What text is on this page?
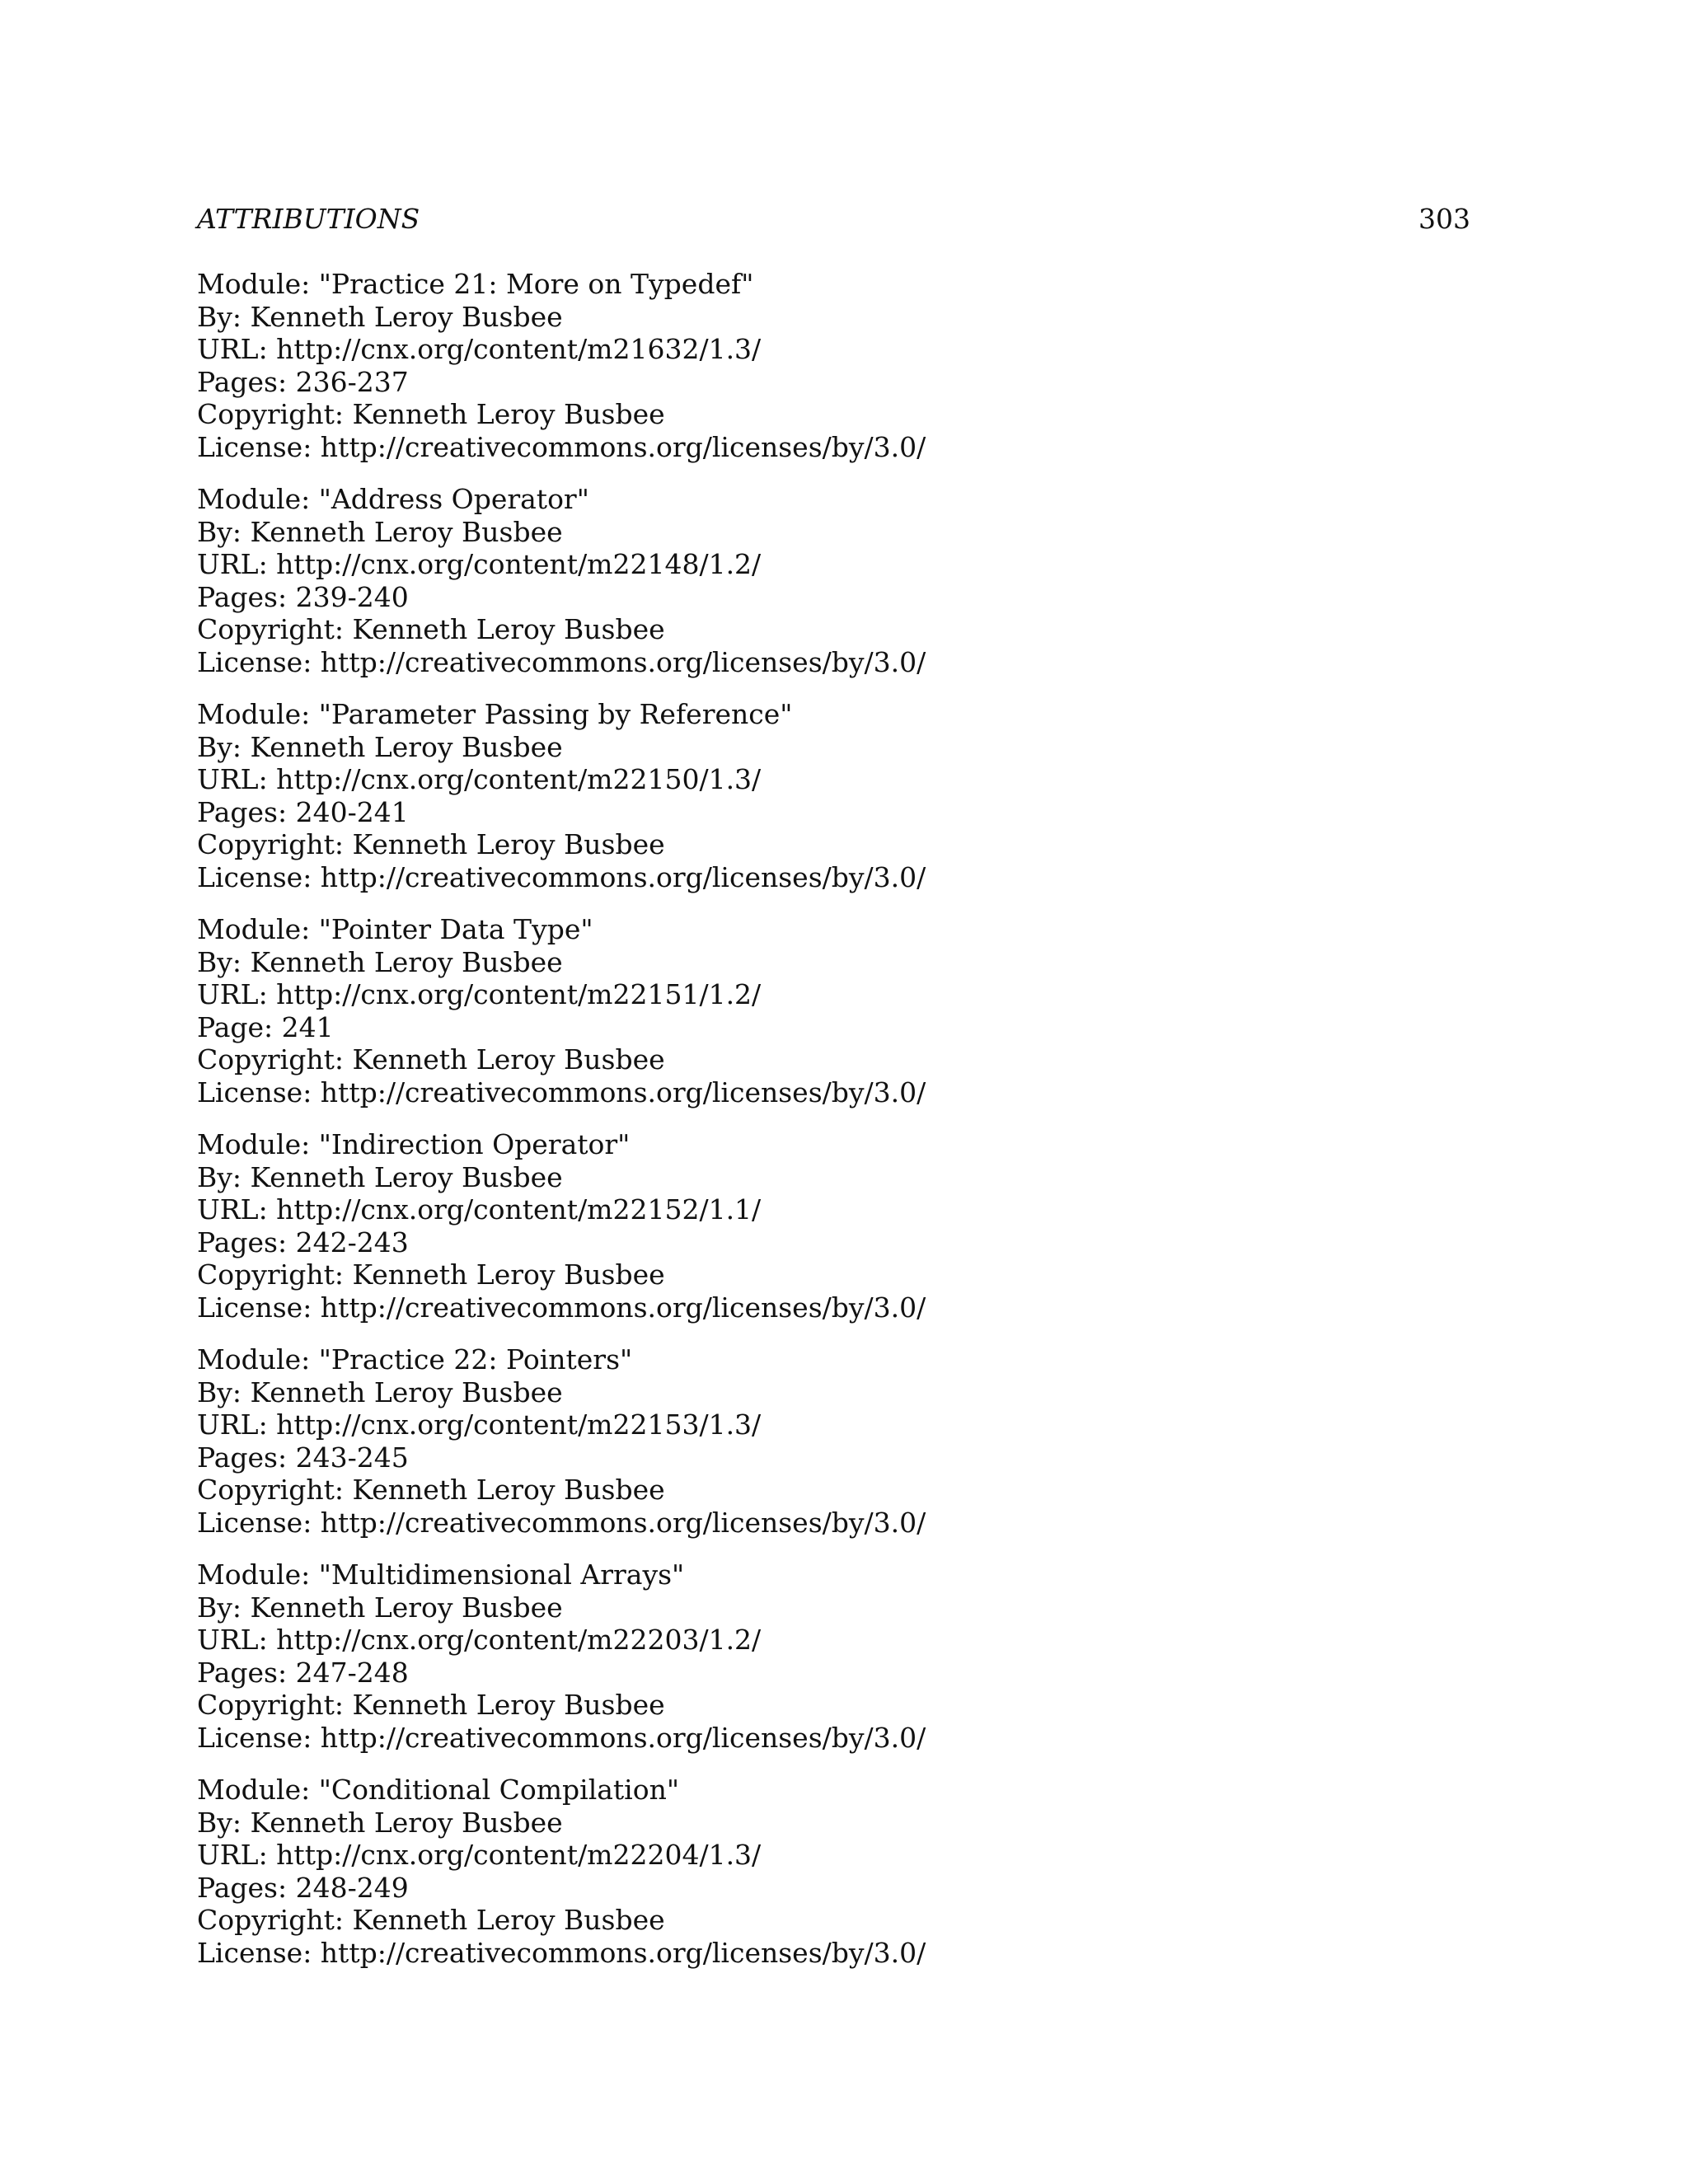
ATTRIBUTIONS	303
Module: "Practice 21: More on Typedef"
By: Kenneth Leroy Busbee
URL: http://cnx.org/content/m21632/1.3/
Pages: 236-237
Copyright: Kenneth Leroy Busbee
License: http://creativecommons.org/licenses/by/3.0/
Module: "Address Operator"
By: Kenneth Leroy Busbee
URL: http://cnx.org/content/m22148/1.2/
Pages: 239-240
Copyright: Kenneth Leroy Busbee
License: http://creativecommons.org/licenses/by/3.0/
Module: "Parameter Passing by Reference"
By: Kenneth Leroy Busbee
URL: http://cnx.org/content/m22150/1.3/
Pages: 240-241
Copyright: Kenneth Leroy Busbee
License: http://creativecommons.org/licenses/by/3.0/
Module: "Pointer Data Type"
By: Kenneth Leroy Busbee
URL: http://cnx.org/content/m22151/1.2/
Page: 241
Copyright: Kenneth Leroy Busbee
License: http://creativecommons.org/licenses/by/3.0/
Module: "Indirection Operator"
By: Kenneth Leroy Busbee
URL: http://cnx.org/content/m22152/1.1/
Pages: 242-243
Copyright: Kenneth Leroy Busbee
License: http://creativecommons.org/licenses/by/3.0/
Module: "Practice 22: Pointers"
By: Kenneth Leroy Busbee
URL: http://cnx.org/content/m22153/1.3/
Pages: 243-245
Copyright: Kenneth Leroy Busbee
License: http://creativecommons.org/licenses/by/3.0/
Module: "Multidimensional Arrays"
By: Kenneth Leroy Busbee
URL: http://cnx.org/content/m22203/1.2/
Pages: 247-248
Copyright: Kenneth Leroy Busbee
License: http://creativecommons.org/licenses/by/3.0/
Module: "Conditional Compilation"
By: Kenneth Leroy Busbee
URL: http://cnx.org/content/m22204/1.3/
Pages: 248-249
Copyright: Kenneth Leroy Busbee
License: http://creativecommons.org/licenses/by/3.0/
